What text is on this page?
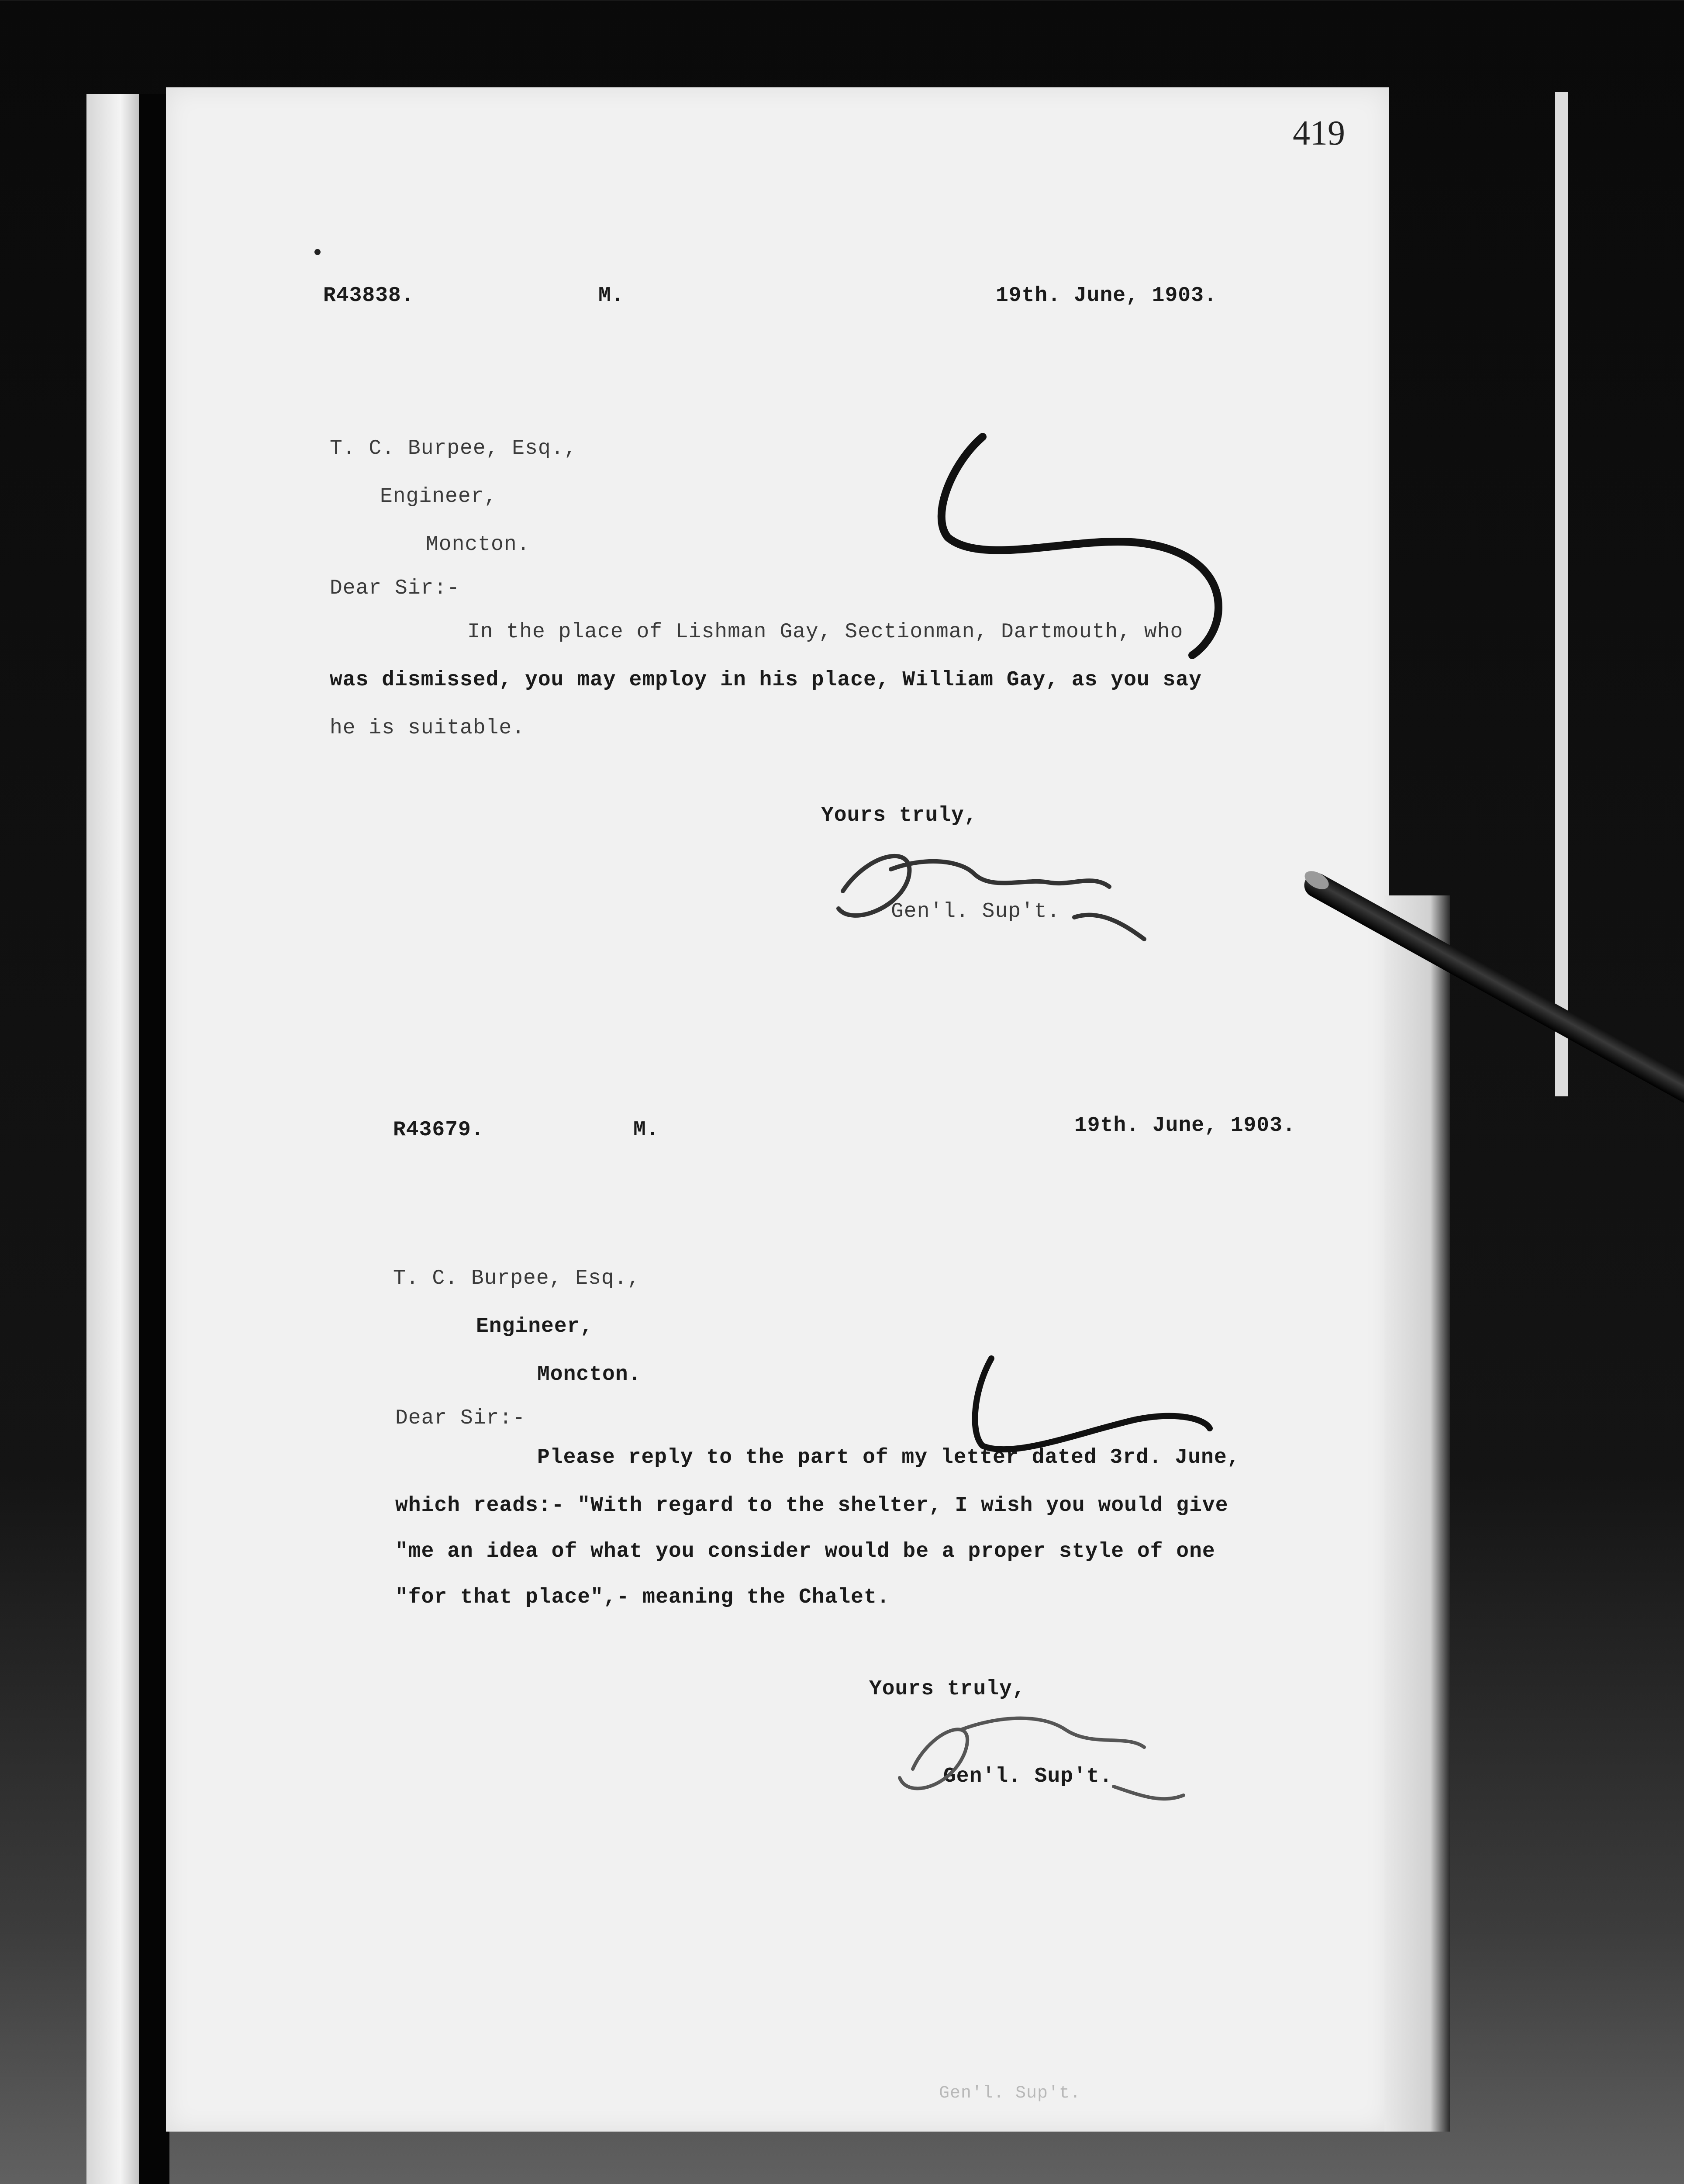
419
R43838.	M.	19th. June, 1903.
T. C. Burpee, Esq.,
Engineer,
Moncton.
Dear Sir:-
In the place of Lishman Gay, Sectionman, Dartmouth, who
was dismissed, you may employ in his place, William Gay, as you say
he is suitable.
Yours truly,
Gen'l. Sup't.
R43679.	M.	19th. June, 1903.
T. C. Burpee, Esq.,
Engineer,
Moncton.
Dear Sir:-
Please reply to the part of my letter dated 3rd. June,
which reads:- "With regard to the shelter, I wish you would give
"me an idea of what you consider would be a proper style of one
"for that place",- meaning the Chalet.
Yours truly,
Gen'l. Sup't.
Gen'l. Sup't.
